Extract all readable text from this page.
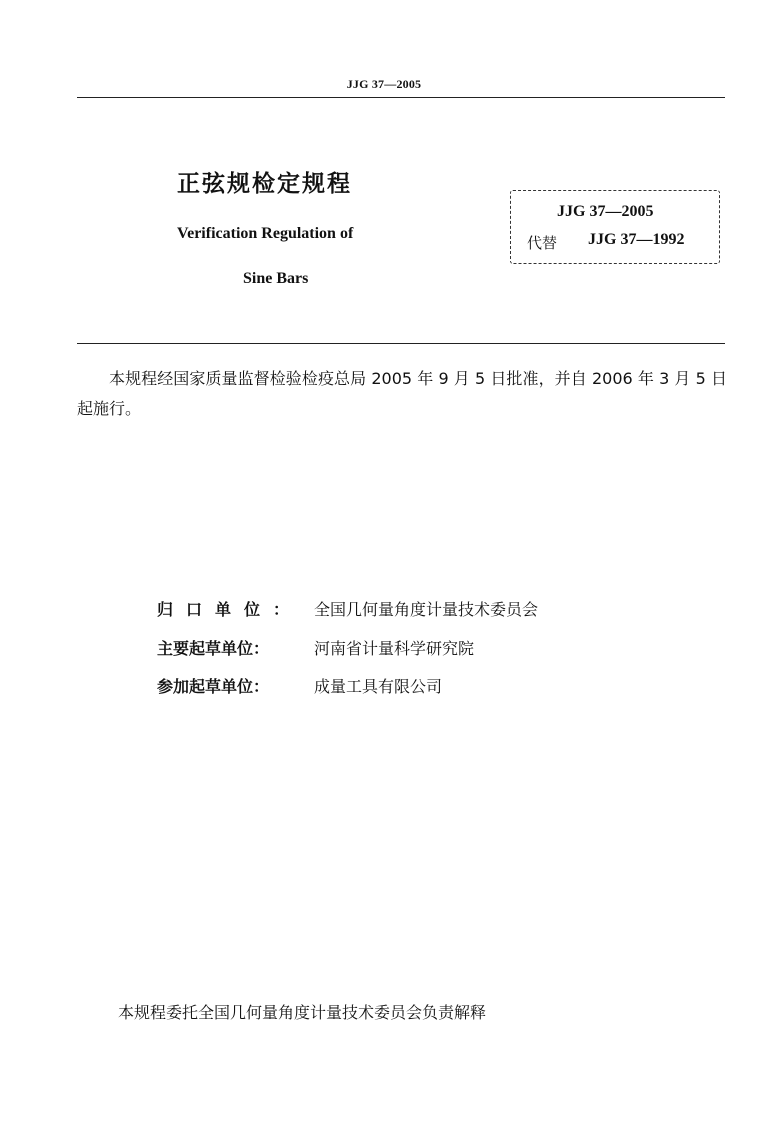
JJG 37—2005
正弦规检定规程
Verification Regulation of
Sine Bars
JJG 37—2005
代替 JJG 37—1992
本规程经国家质量监督检验检疫总局 2005 年 9 月 5 日批准，并自 2006 年 3 月 5 日起施行。
归 口 单 位 ： 全国几何量角度计量技术委员会
主要起草单位：	河南省计量科学研究院
参加起草单位：	成量工具有限公司
本规程委托全国几何量角度计量技术委员会负责解释
